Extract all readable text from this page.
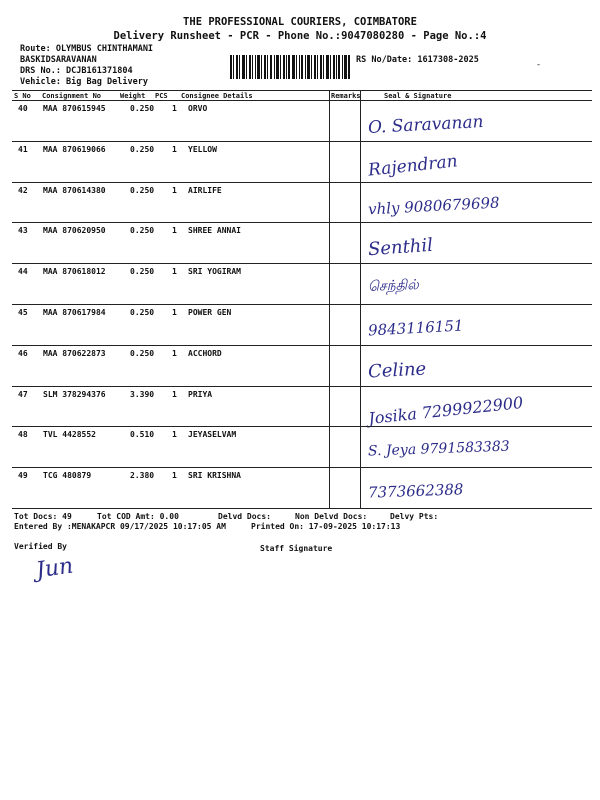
THE PROFESSIONAL COURIERS, COIMBATORE
Delivery Runsheet - PCR - Phone No.:9047080280 - Page No.:4
Route: OLYMBUS CHINTHAMANI
BASKIDSARAVANAN
DRS No.: DCJB161371804
Vehicle: Big Bag Delivery
RS No/Date: 1617308-2025	-
S No Consignment No	Weight PCS Consignee Details	Remarks	Seal & Signature
40 MAA 870615945	0.250 1 ORVO
O. Saravanan
41 MAA 870619066	0.250 1 YELLOW
Rajendran
42 MAA 870614380	0.250 1 AIRLIFE
vhly 9080679698
43 MAA 870620950	0.250 1 SHREE ANNAI
Senthil
44 MAA 870618012	0.250 1 SRI YOGIRAM
செந்தில்
45 MAA 870617984	0.250 1 POWER GEN
9843116151
46 MAA 870622873	0.250 1 ACCHORD
Celine
47 SLM 378294376	3.390 1 PRIYA	Josika 7299922900
48 TVL 4428552	0.510 1 JEYASELVAM
S. Jeya 9791583383
49 TCG 480879	2.380 1 SRI KRISHNA
7373662388
Tot Docs: 49	Tot COD Amt: 0.00	Delvd Docs:	Non Delvd Docs:	Delvy Pts:
Entered By :MENAKAPCR 09/17/2025 10:17:05 AM	Printed On: 17-09-2025 10:17:13
Verified By	Staff Signature
Jun
